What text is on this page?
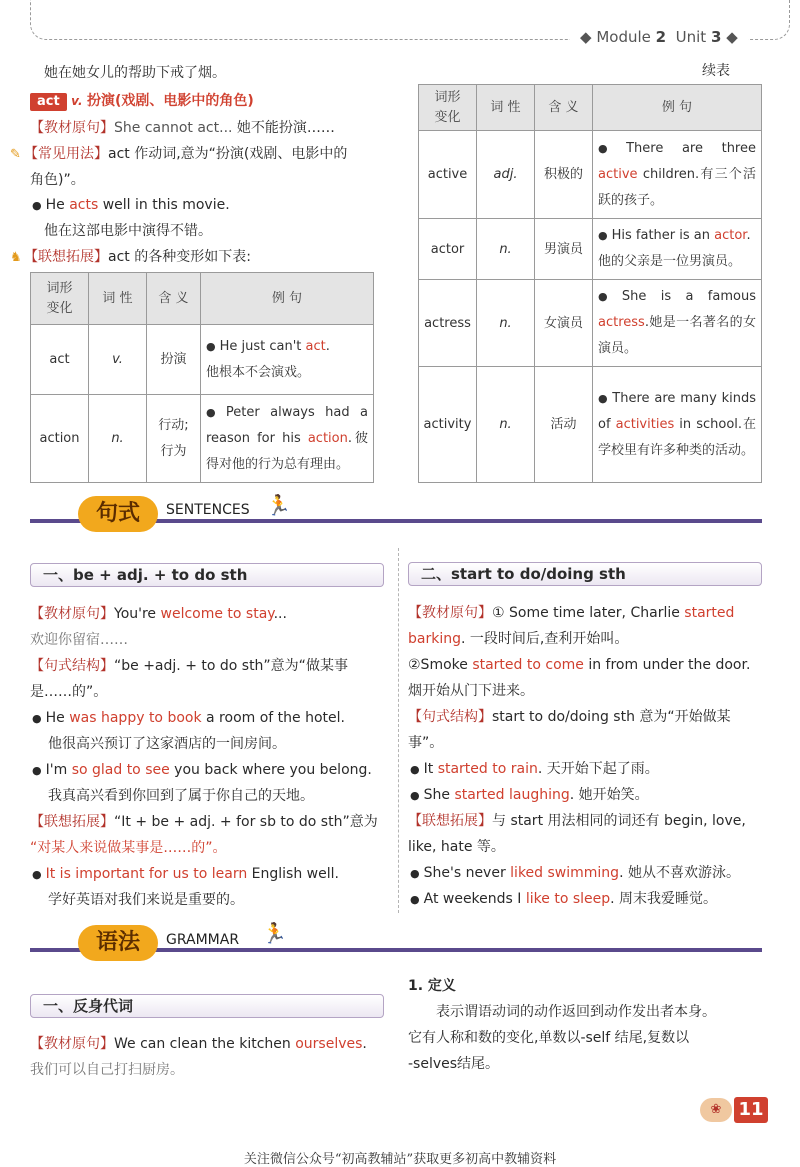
◆ Module 2 Unit 3 ◆
她在她女儿的帮助下戒了烟。
act v. 扮演(戏剧、电影中的角色)
【教材原句】She cannot act... 她不能扮演……
✎ 【常见用法】act 作动词,意为“扮演(戏剧、电影中的
角色)”。
● He acts well in this movie.
他在这部电影中演得不错。
♞ 【联想拓展】act 的各种变形如下表:
词形
变化	词 性	含 义	例 句
act	v.	扮演	● He just can't act.
他根本不会演戏。
action	n.	行动;行为	● Peter always had a reason for his action.彼得对他的行为总有理由。
续表
词形
变化	词 性	含 义	例 句
active	adj.	积极的	● There are three active children.有三个活跃的孩子。
actor	n.	男演员	● His father is an actor.
他的父亲是一位男演员。
actress	n.	女演员	● She is a famous actress.她是一名著名的女演员。
activity	n.	活动	● There are many kinds of activities in school.在学校里有许多种类的活动。
句式	SENTENCES 🏃
一、be + adj. + to do sth
【教材原句】You're welcome to stay...
欢迎你留宿……
【句式结构】“be +adj. + to do sth”意为“做某事
是……的”。
● He was happy to book a room of the hotel.
他很高兴预订了这家酒店的一间房间。
● I'm so glad to see you back where you belong.
我真高兴看到你回到了属于你自己的天地。
【联想拓展】“It + be + adj. + for sb to do sth”意为
“对某人来说做某事是……的”。
● It is important for us to learn English well.
学好英语对我们来说是重要的。
二、start to do/doing sth
【教材原句】① Some time later, Charlie started
barking. 一段时间后,查利开始叫。
②Smoke started to come in from under the door.
烟开始从门下进来。
【句式结构】start to do/doing sth 意为“开始做某
事”。
● It started to rain. 天开始下起了雨。
● She started laughing. 她开始笑。
【联想拓展】与 start 用法相同的词还有 begin, love,
like, hate 等。
● She's never liked swimming. 她从不喜欢游泳。
● At weekends I like to sleep. 周末我爱睡觉。
语法	GRAMMAR 🏃
一、反身代词
【教材原句】We can clean the kitchen ourselves.
我们可以自己打扫厨房。
1. 定义
表示谓语动词的动作返回到动作发出者本身。
它有人称和数的变化,单数以-self 结尾,复数以
-selves结尾。
❀ 11
关注微信公众号“初高教辅站”获取更多初高中教辅资料
